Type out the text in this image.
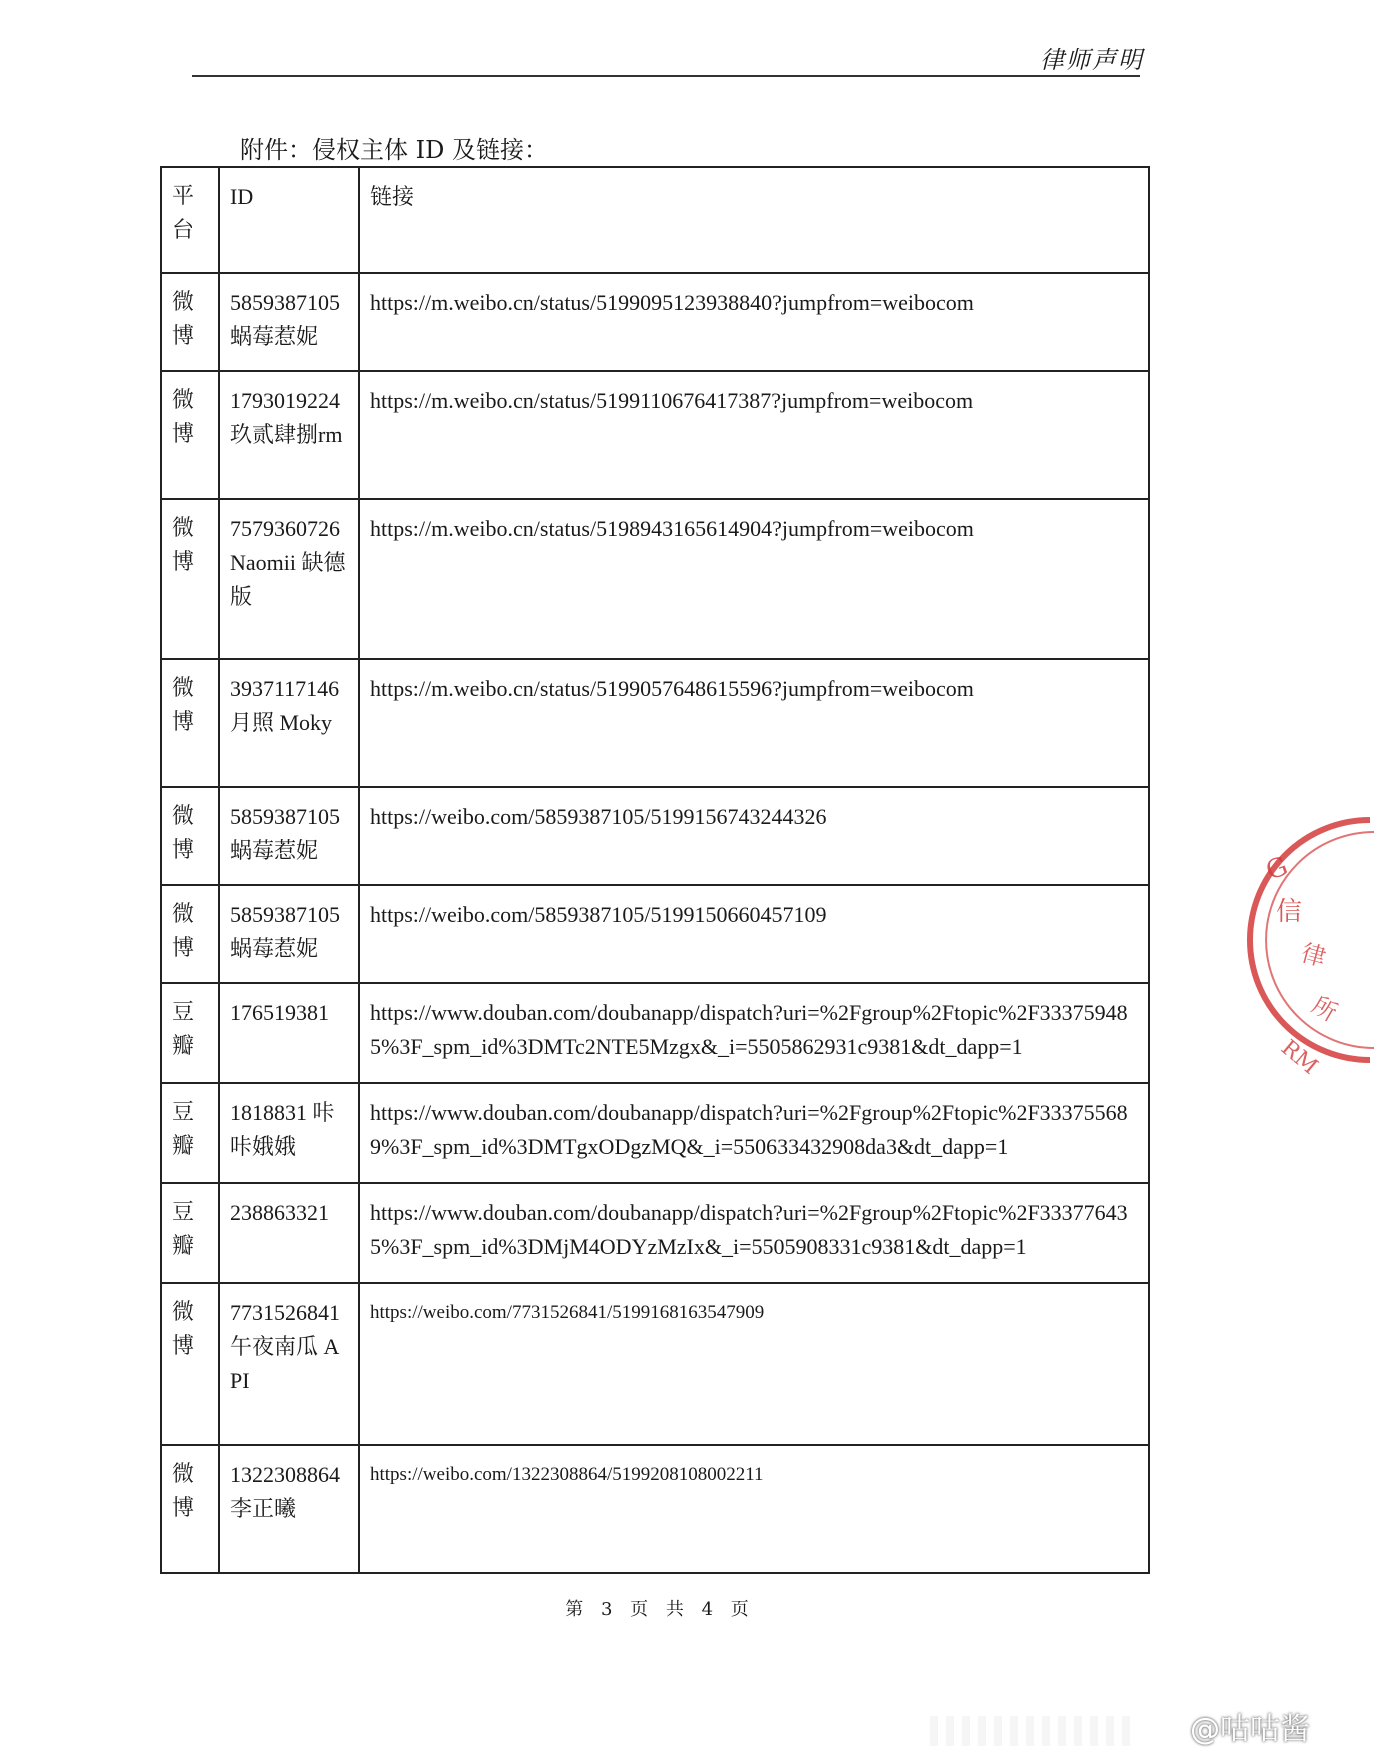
律师声明
附件：侵权主体 ID 及链接：
平
台	ID	链接

微
博	5859387105 蜗莓惹妮	https://m.weibo.cn/status/5199095123938840?jumpfrom=weibocom

微
博	1793019224 玖贰肆捌rm	https://m.weibo.cn/status/5199110676417387?jumpfrom=weibocom

微
博	7579360726Naomii 缺德版	https://m.weibo.cn/status/5198943165614904?jumpfrom=weibocom

微
博	3937117146 月照 Moky	https://m.weibo.cn/status/5199057648615596?jumpfrom=weibocom

微
博	5859387105 蜗莓惹妮	https://weibo.com/5859387105/5199156743244326

微
博	5859387105 蜗莓惹妮	https://weibo.com/5859387105/5199150660457109

豆
瓣	176519381	https://www.douban.com/doubanapp/dispatch?uri=%2Fgroup%2Ftopic%2F333759485%3F_spm_id%3DMTc2NTE5Mzgx&_i=5505862931c9381&dt_dapp=1

豆
瓣	1818831 咔咔娥娥	https://www.douban.com/doubanapp/dispatch?uri=%2Fgroup%2Ftopic%2F333755689%3F_spm_id%3DMTgxODgzMQ&_i=550633432908da3&dt_dapp=1

豆
瓣	238863321	https://www.douban.com/doubanapp/dispatch?uri=%2Fgroup%2Ftopic%2F333776435%3F_spm_id%3DMjM4ODYzMzIx&_i=5505908331c9381&dt_dapp=1

微
博	7731526841 午夜南瓜 API	https://weibo.com/7731526841/5199168163547909

微
博	1322308864 李正曦	https://weibo.com/1322308864/5199208108002211
第 3 页 共 4 页
G
信
律
所
RM
@咕咕酱
